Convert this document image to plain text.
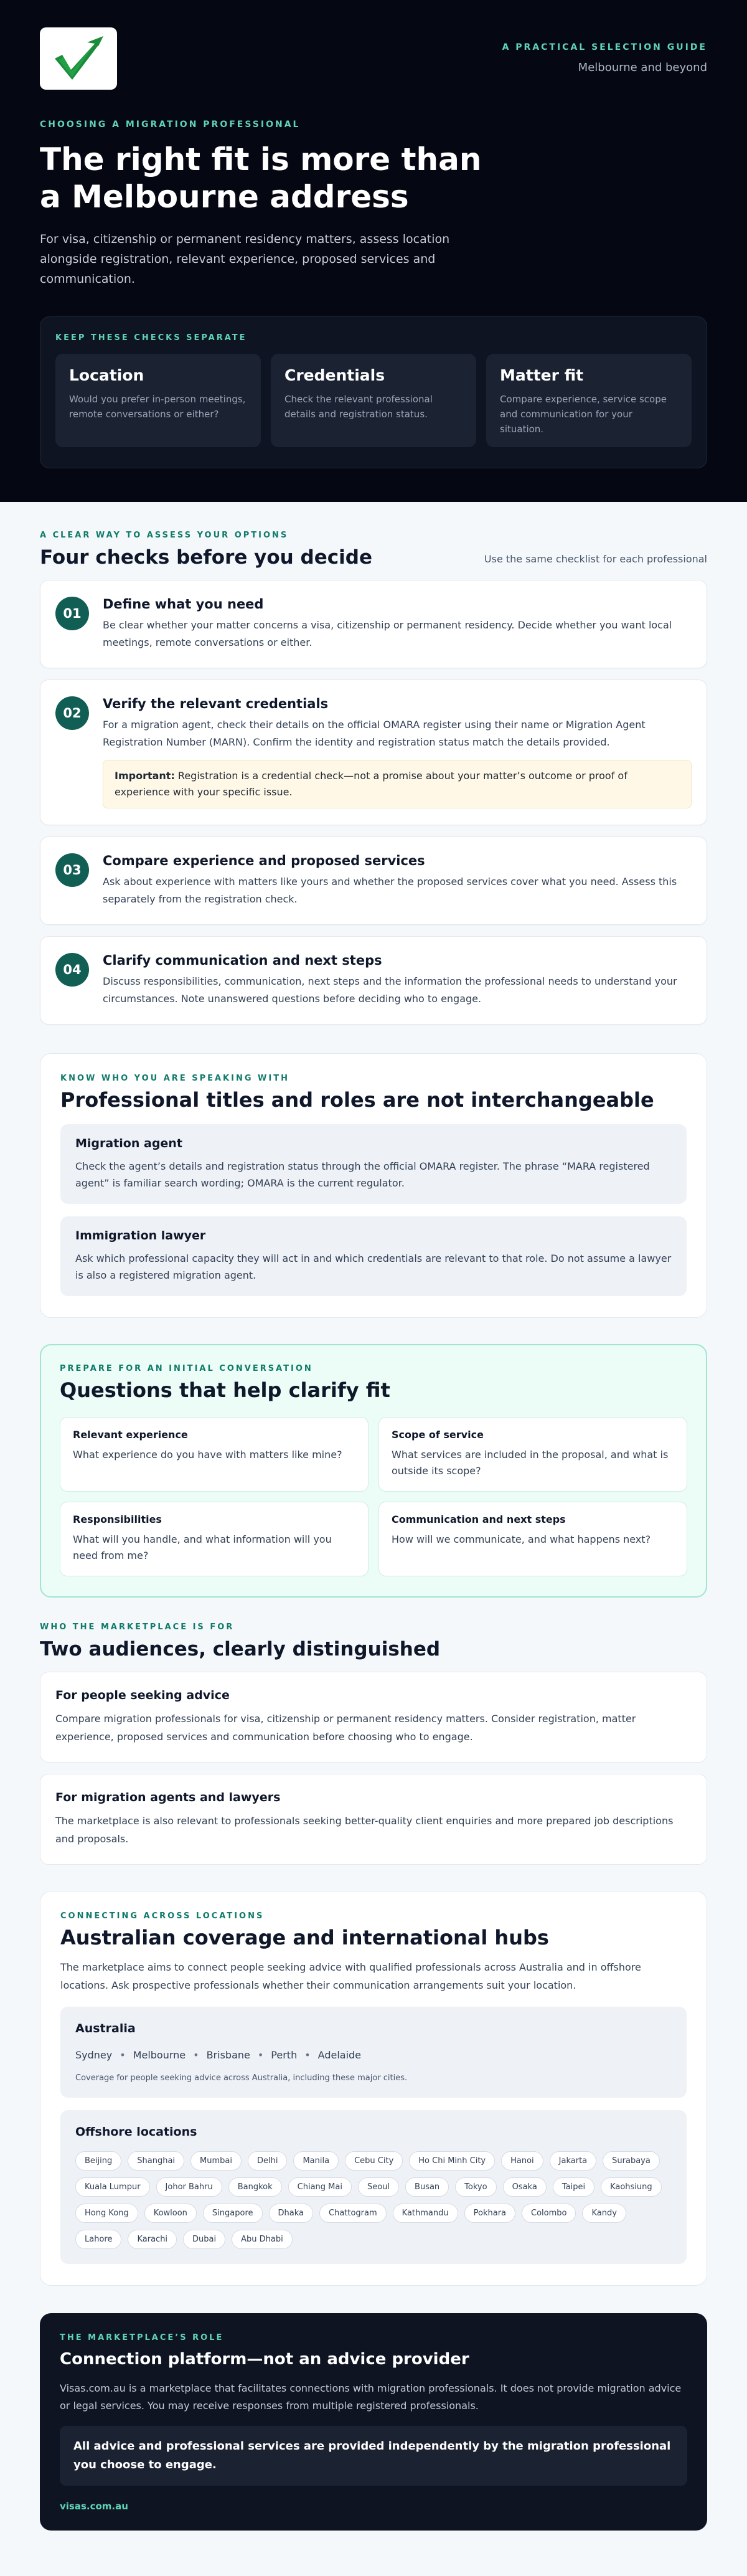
A PRACTICAL SELECTION GUIDE
Melbourne and beyond
CHOOSING A MIGRATION PROFESSIONAL
The right fit is more than a Melbourne address

For visa, citizenship or permanent residency matters, assess location alongside registration, relevant experience, proposed services and communication.

KEEP THESE CHECKS SEPARATE
Location

Would you prefer in-person meetings, remote conversations or either?

Credentials

Check the relevant professional details and registration status.

Matter fit

Compare experience, service scope and communication for your situation.

A CLEAR WAY TO ASSESS YOUR OPTIONS
Four checks before you decide	Use the same checklist for each professional
01
Define what you need

Be clear whether your matter concerns a visa, citizenship or permanent residency. Decide whether you want local meetings, remote conversations or either.

02
Verify the relevant credentials

For a migration agent, check their details on the official OMARA register using their name or Migration Agent Registration Number (MARN). Confirm the identity and registration status match the details provided.

Important: Registration is a credential check—not a promise about your matter’s outcome or proof of experience with your specific issue.
03
Compare experience and proposed services

Ask about experience with matters like yours and whether the proposed services cover what you need. Assess this separately from the registration check.

04
Clarify communication and next steps

Discuss responsibilities, communication, next steps and the information the professional needs to understand your circumstances. Note unanswered questions before deciding who to engage.

KNOW WHO YOU ARE SPEAKING WITH
Professional titles and roles are not interchangeable
Migration agent

Check the agent’s details and registration status through the official OMARA register. The phrase “MARA registered agent” is familiar search wording; OMARA is the current regulator.

Immigration lawyer

Ask which professional capacity they will act in and which credentials are relevant to that role. Do not assume a lawyer is also a registered migration agent.

PREPARE FOR AN INITIAL CONVERSATION
Questions that help clarify fit
Relevant experience

What experience do you have with matters like mine?

Scope of service

What services are included in the proposal, and what is outside its scope?

Responsibilities

What will you handle, and what information will you need from me?

Communication and next steps

How will we communicate, and what happens next?

WHO THE MARKETPLACE IS FOR
Two audiences, clearly distinguished
For people seeking advice

Compare migration professionals for visa, citizenship or permanent residency matters. Consider registration, matter experience, proposed services and communication before choosing who to engage.

For migration agents and lawyers

The marketplace is also relevant to professionals seeking better-quality client enquiries and more prepared job descriptions and proposals.

CONNECTING ACROSS LOCATIONS
Australian coverage and international hubs

The marketplace aims to connect people seeking advice with qualified professionals across Australia and in offshore locations. Ask prospective professionals whether their communication arrangements suit your location.

Australia
Sydney • Melbourne • Brisbane • Perth • Adelaide
Coverage for people seeking advice across Australia, including these major cities.
Offshore locations
Beijing	Shanghai	Mumbai	Delhi	Manila	Cebu City	Ho Chi Minh City	Hanoi	Jakarta	Surabaya
Kuala Lumpur	Johor Bahru	Bangkok	Chiang Mai	Seoul	Busan	Tokyo	Osaka	Taipei	Kaohsiung
Hong Kong	Kowloon	Singapore	Dhaka	Chattogram	Kathmandu	Pokhara	Colombo	Kandy
Lahore	Karachi	Dubai	Abu Dhabi
THE MARKETPLACE’S ROLE
Connection platform—not an advice provider

Visas.com.au is a marketplace that facilitates connections with migration professionals. It does not provide migration advice or legal services. You may receive responses from multiple registered professionals.

All advice and professional services are provided independently by the migration professional you choose to engage.
visas.com.au
